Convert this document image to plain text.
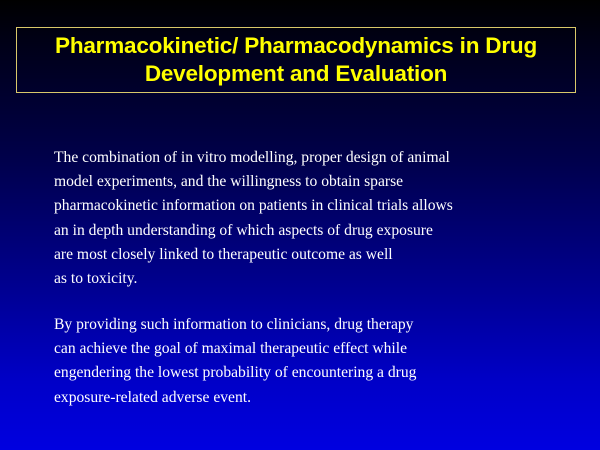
Pharmacokinetic/ Pharmacodynamics in Drug
Development and Evaluation
The combination of in vitro modelling, proper design of animal
model experiments, and the willingness to obtain sparse
pharmacokinetic information on patients in clinical trials allows
an in depth understanding of which aspects of drug exposure
are most closely linked to therapeutic outcome as well
as to toxicity.
By providing such information to clinicians, drug therapy
can achieve the goal of maximal therapeutic effect while
engendering the lowest probability of encountering a drug
exposure-related adverse event.
